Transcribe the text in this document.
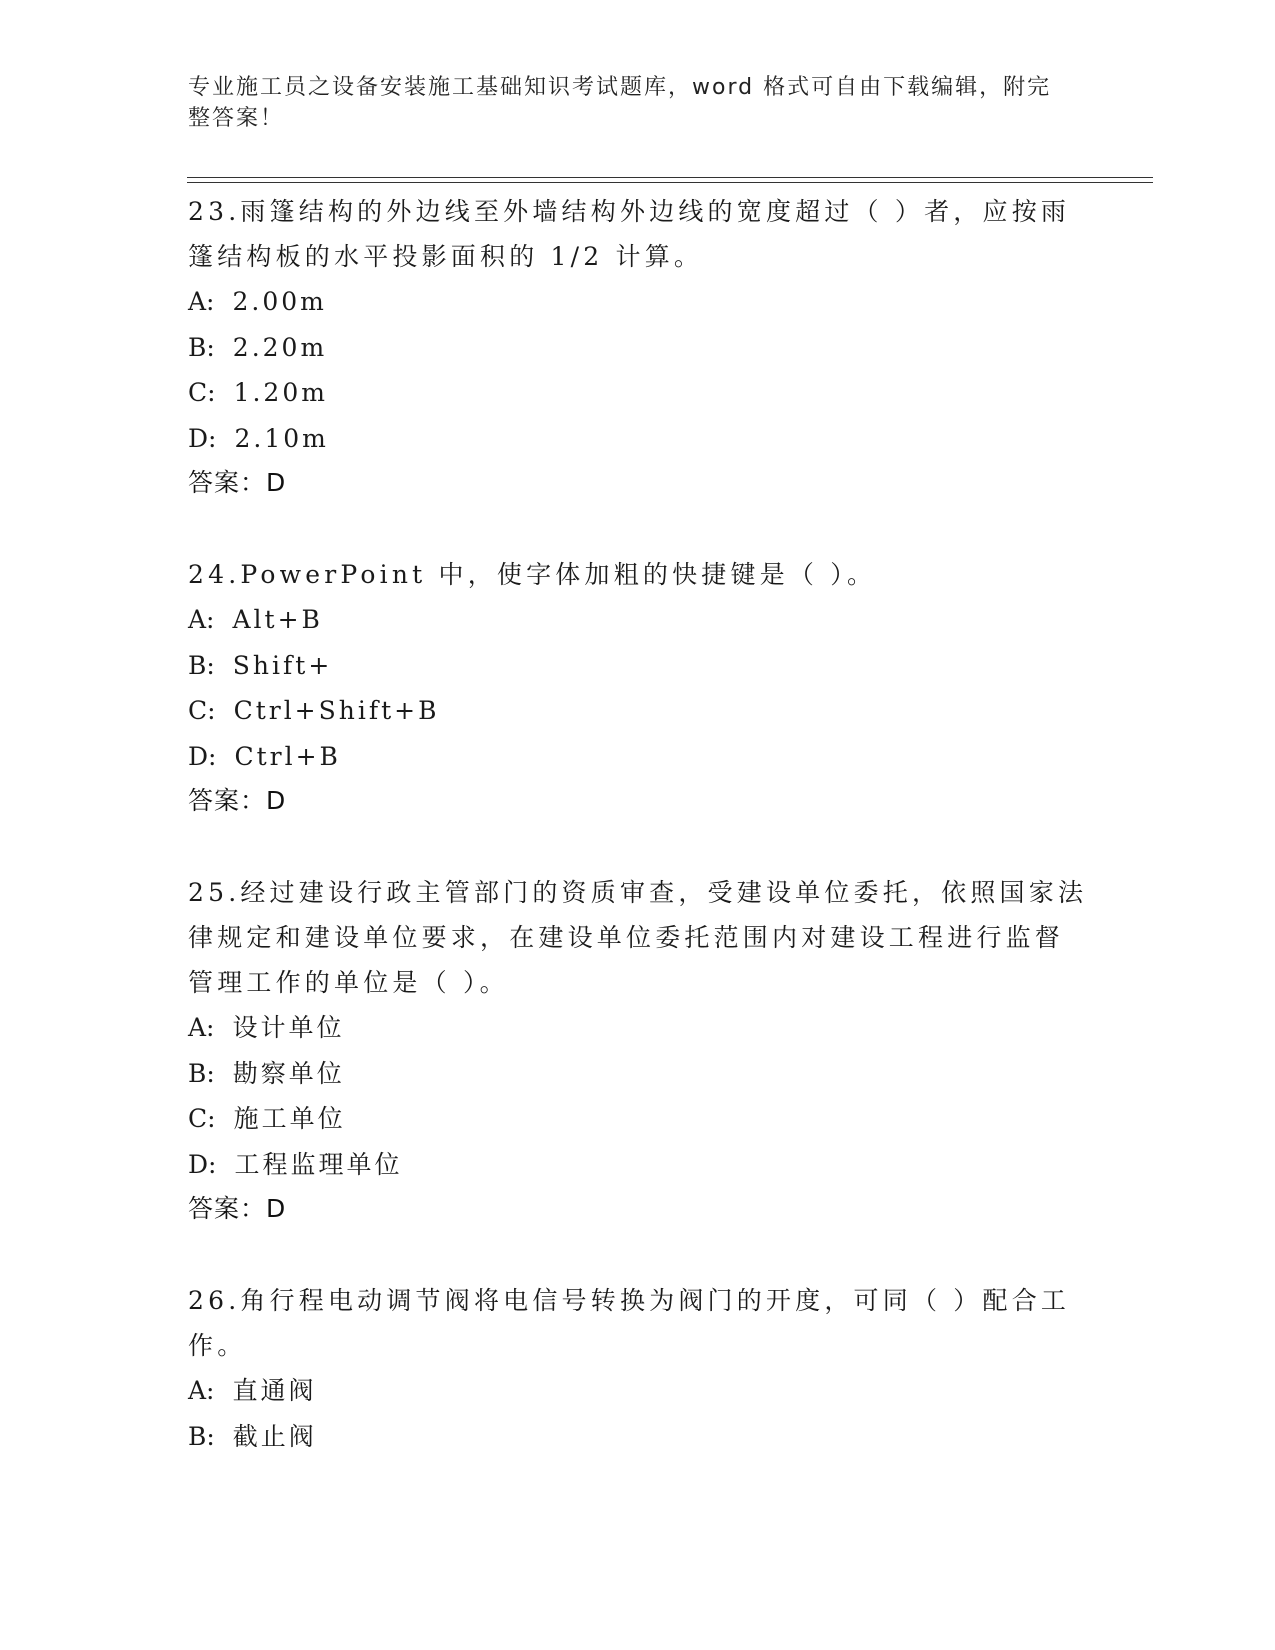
专业施工员之设备安装施工基础知识考试题库，word 格式可自由下载编辑，附完整答案！
23.雨篷结构的外边线至外墙结构外边线的宽度超过（ ）者，应按雨篷结构板的水平投影面积的 1/2 计算。
A: 2.00m
B: 2.20m
C: 1.20m
D: 2.10m
答案：D
24.PowerPoint 中，使字体加粗的快捷键是（ ）。
A: Alt+B
B: Shift+
C: Ctrl+Shift+B
D: Ctrl+B
答案：D
25.经过建设行政主管部门的资质审查，受建设单位委托，依照国家法律规定和建设单位要求，在建设单位委托范围内对建设工程进行监督管理工作的单位是（ ）。
A: 设计单位
B: 勘察单位
C: 施工单位
D: 工程监理单位
答案：D
26.角行程电动调节阀将电信号转换为阀门的开度，可同（ ）配合工作。
A: 直通阀
B: 截止阀
